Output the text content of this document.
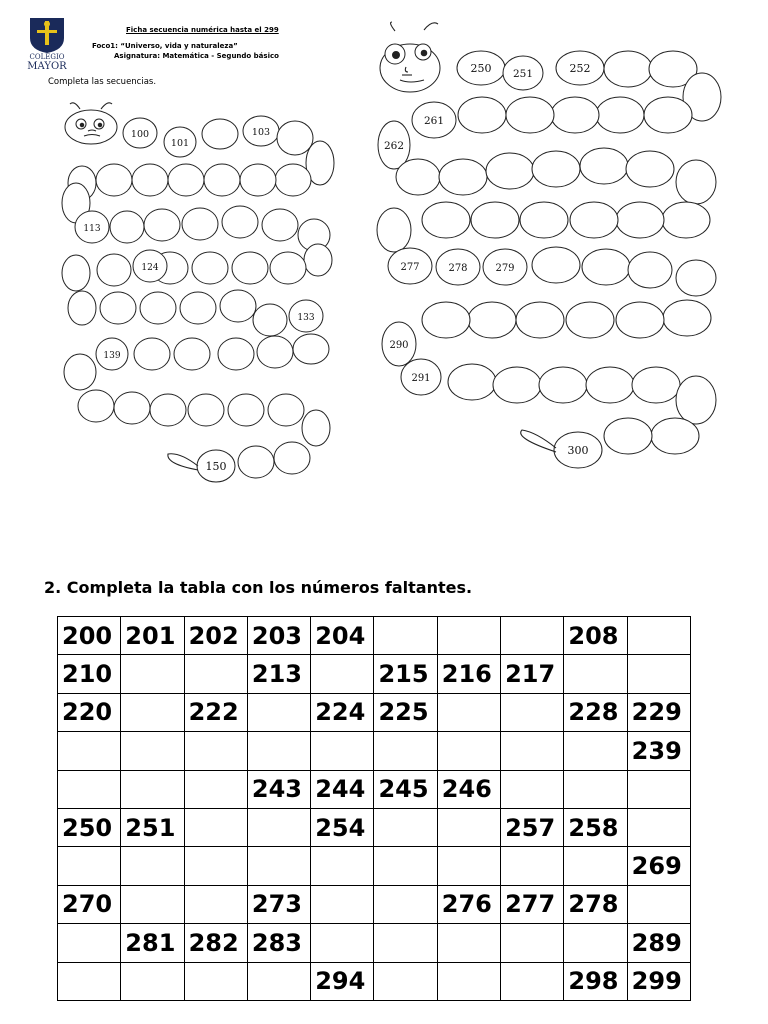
COLEGIO
MAYOR
Ficha secuencia numérica hasta el 299
Foco1: “Universo, vida y naturaleza”
Asignatura: Matemática - Segundo básico
Completa las secuencias.
100
101
103
113
124
133
139
150
250 251	252
261
262
277	278	279
290
291
300
2. Completa la tabla con los números faltantes.
200	201	202	203	204				208	
210			213		215	216	217		
220		222		224	225			228	229
									239
			243	244	245	246			
250	251			254			257	258	
									269
270			273			276	277	278	
	281	282	283						289
				294				298	299
